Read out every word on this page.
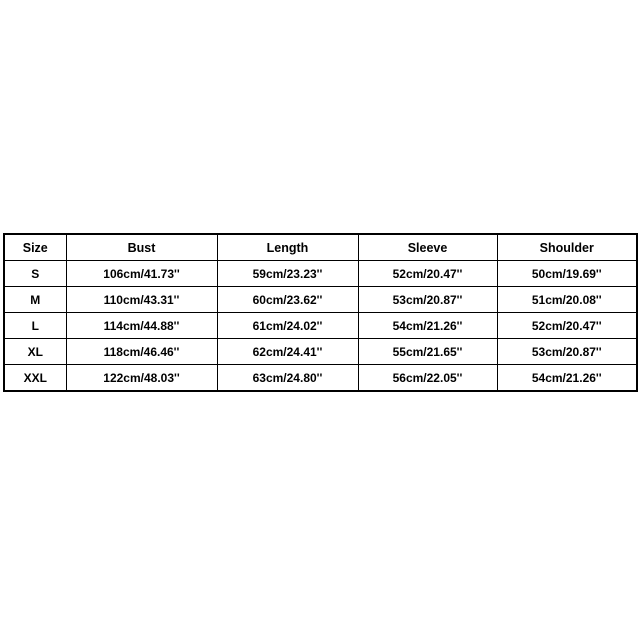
Size	Bust	Length	Sleeve	Shoulder
S	106cm/41.73''	59cm/23.23''	52cm/20.47''	50cm/19.69''
M	110cm/43.31''	60cm/23.62''	53cm/20.87''	51cm/20.08''
L	114cm/44.88''	61cm/24.02''	54cm/21.26''	52cm/20.47''
XL	118cm/46.46''	62cm/24.41''	55cm/21.65''	53cm/20.87''
XXL	122cm/48.03''	63cm/24.80''	56cm/22.05''	54cm/21.26''
